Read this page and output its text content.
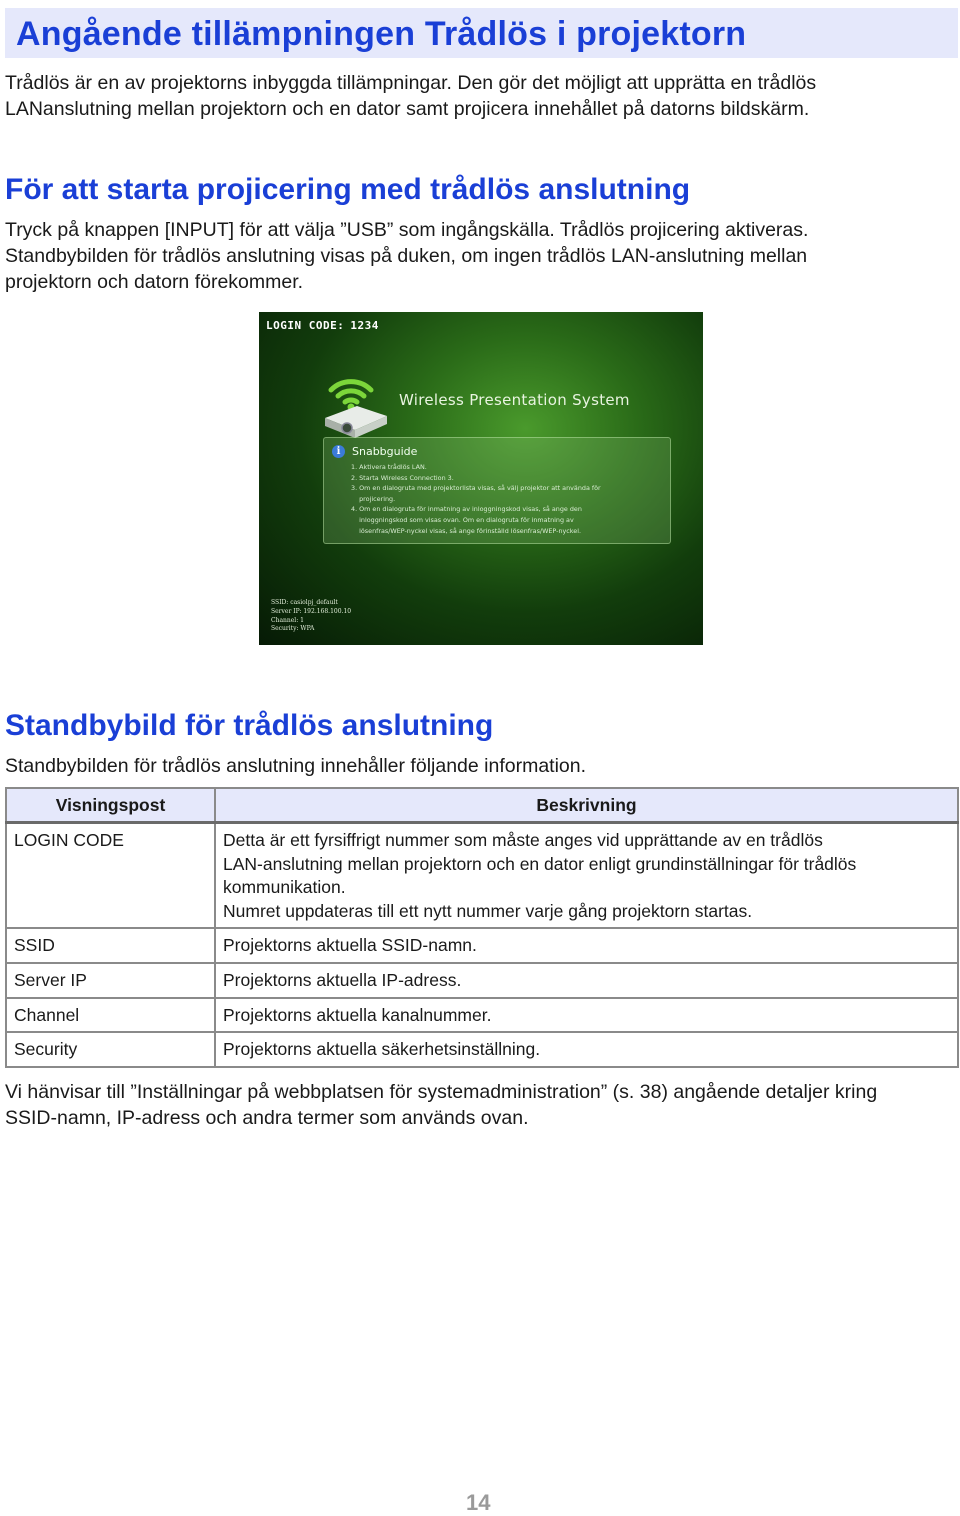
Angående tillämpningen Trådlös i projektorn

Trådlös är en av projektorns inbyggda tillämpningar. Den gör det möjligt att upprätta en trådlös
LANanslutning mellan projektorn och en dator samt projicera innehållet på datorns bildskärm.

För att starta projicering med trådlös anslutning

Tryck på knappen [INPUT] för att välja ”USB” som ingångskälla. Trådlös projicering aktiveras.
Standbybilden för trådlös anslutning visas på duken, om ingen trådlös LAN-anslutning mellan
projektorn och datorn förekommer.

LOGIN CODE: 1234
Wireless Presentation System
i	Snabbguide
1. Aktivera trådlös LAN.
2. Starta Wireless Connection 3.
3. Om en dialogruta med projektorlista visas, så välj projektor att använda för
projicering.
4. Om en dialogruta för inmatning av inloggningskod visas, så ange den
inloggningskod som visas ovan. Om en dialogruta för inmatning av
lösenfras/WEP-nyckel visas, så ange förinställd lösenfras/WEP-nyckel.
SSID: casiolpj_default
Server IP: 192.168.100.10
Channel: 1
Security: WPA
Standbybild för trådlös anslutning

Standbybilden för trådlös anslutning innehåller följande information.

Visningspost	Beskrivning
LOGIN CODE	Detta är ett fyrsiffrigt nummer som måste anges vid upprättande av en trådlös
LAN-anslutning mellan projektorn och en dator enligt grundinställningar för trådlös
kommunikation.
Numret uppdateras till ett nytt nummer varje gång projektorn startas.
SSID	Projektorns aktuella SSID-namn.
Server IP	Projektorns aktuella IP-adress.
Channel	Projektorns aktuella kanalnummer.
Security	Projektorns aktuella säkerhetsinställning.

Vi hänvisar till ”Inställningar på webbplatsen för systemadministration” (s. 38) angående detaljer kring
SSID-namn, IP-adress och andra termer som används ovan.

14
